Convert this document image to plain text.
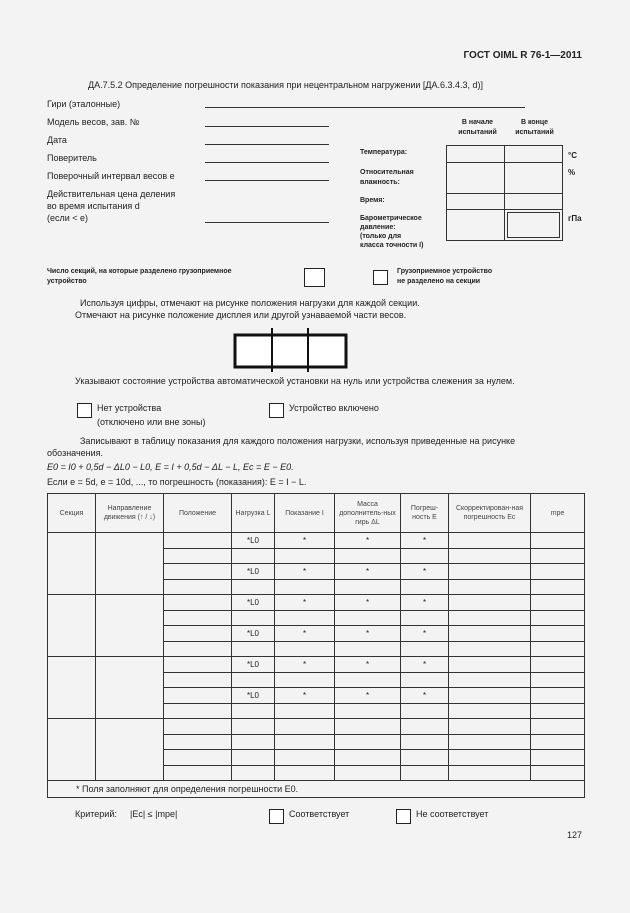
ГОСТ OIML R 76-1—2011
ДА.7.5.2 Определение погрешности показания при нецентральном нагружении [ДА.6.3.4.3, d)]
Гири (эталонные)
Модель весов, зав. №
Дата
Поверитель
Поверочный интервал весов e
Действительная цена деления
во время испытания d
(если < e)
В начале
испытаний
В конце
испытаний

Температура:	°C
Относительная
влажность:
%
Время:
Барометрическое
давление:
(только для
класса точности I)
гПа
Число секций, на которые разделено грузоприемное
устройство
Грузоприемное устройство
не разделено на секции
Используя цифры, отмечают на рисунке положения нагрузки для каждой секции.
Отмечают на рисунке положение дисплея или другой узнаваемой части весов.
Указывают состояние устройства автоматической установки на нуль или устройства слежения за нулем.
Нет устройства
(отключено или вне зоны)
Устройство включено
Записывают в таблицу показания для каждого положения нагрузки, используя приведенные на рисунке
обозначения.
E0 = I0 + 0,5d − ΔL0 − L0, E = I + 0,5d − ΔL − L, Ec = E − E0.
Если e = 5d, e = 10d, ..., то погрешность (показания): E = I − L.
Секция	Направление движения (↑ / ↓)	Положение	Нагрузка L	Показание I	Масса дополнитель-ных гирь ΔL	Погреш-ность E	Скорректирован-ная погрешность Ec	mpe
			*L0	*	*	*		

			*L0	*	*	*		

			*L0	*	*	*		

			*L0	*	*	*		

			*L0	*	*	*		

			*L0	*	*	*		

* Поля заполняют для определения погрешности E0.								
Критерий: |Ec| ≤ |mpe|	Соответствует	Не соответствует
127
